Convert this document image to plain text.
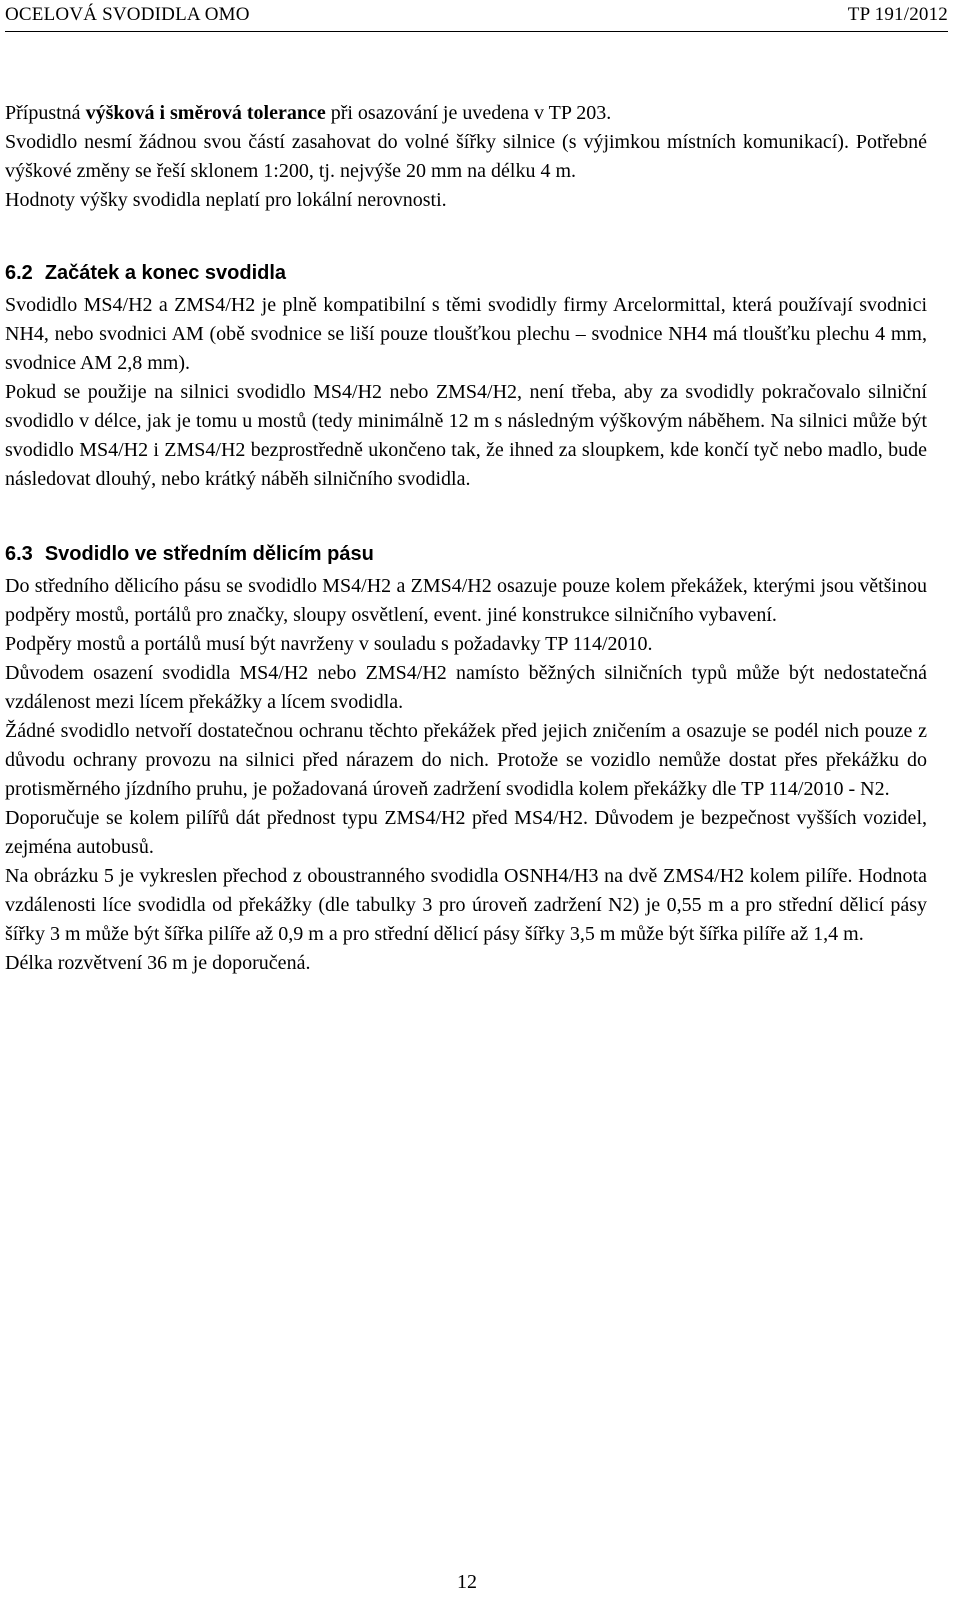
OCELOVÁ SVODIDLA OMO	TP 191/2012

Přípustná výšková i směrová tolerance při osazování je uvedena v TP 203.

Svodidlo nesmí žádnou svou částí zasahovat do volné šířky silnice (s výjimkou místních komunikací). Potřebné výškové změny se řeší sklonem 1:200, tj. nejvýše 20 mm na délku 4 m.

Hodnoty výšky svodidla neplatí pro lokální nerovnosti.

6.2 Začátek a konec svodidla

Svodidlo MS4/H2 a ZMS4/H2 je plně kompatibilní s těmi svodidly firmy Arcelormittal, která používají svodnici NH4, nebo svodnici AM (obě svodnice se liší pouze tloušťkou plechu – svodnice NH4 má tloušťku plechu 4 mm, svodnice AM 2,8 mm).

Pokud se použije na silnici svodidlo MS4/H2 nebo ZMS4/H2, není třeba, aby za svodidly pokračovalo silniční svodidlo v délce, jak je tomu u mostů (tedy minimálně 12 m s následným výškovým náběhem. Na silnici může být svodidlo MS4/H2 i ZMS4/H2 bezprostředně ukončeno tak, že ihned za sloupkem, kde končí tyč nebo madlo, bude následovat dlouhý, nebo krátký náběh silničního svodidla.

6.3 Svodidlo ve středním dělicím pásu

Do středního dělicího pásu se svodidlo MS4/H2 a ZMS4/H2 osazuje pouze kolem překážek, kterými jsou většinou podpěry mostů, portálů pro značky, sloupy osvětlení, event. jiné konstrukce silničního vybavení.

Podpěry mostů a portálů musí být navrženy v souladu s požadavky TP 114/2010.

Důvodem osazení svodidla MS4/H2 nebo ZMS4/H2 namísto běžných silničních typů může být nedostatečná vzdálenost mezi lícem překážky a lícem svodidla.

Žádné svodidlo netvoří dostatečnou ochranu těchto překážek před jejich zničením a osazuje se podél nich pouze z důvodu ochrany provozu na silnici před nárazem do nich. Protože se vozidlo nemůže dostat přes překážku do protisměrného jízdního pruhu, je požadovaná úroveň zadržení svodidla kolem překážky dle TP 114/2010 - N2.

Doporučuje se kolem pilířů dát přednost typu ZMS4/H2 před MS4/H2. Důvodem je bezpečnost vyšších vozidel, zejména autobusů.

Na obrázku 5 je vykreslen přechod z oboustranného svodidla OSNH4/H3 na dvě ZMS4/H2 kolem pilíře. Hodnota vzdálenosti líce svodidla od překážky (dle tabulky 3 pro úroveň zadržení N2) je 0,55 m a pro střední dělicí pásy šířky 3 m může být šířka pilíře až 0,9 m a pro střední dělicí pásy šířky 3,5 m může být šířka pilíře až 1,4 m.

Délka rozvětvení 36 m je doporučená.

12
